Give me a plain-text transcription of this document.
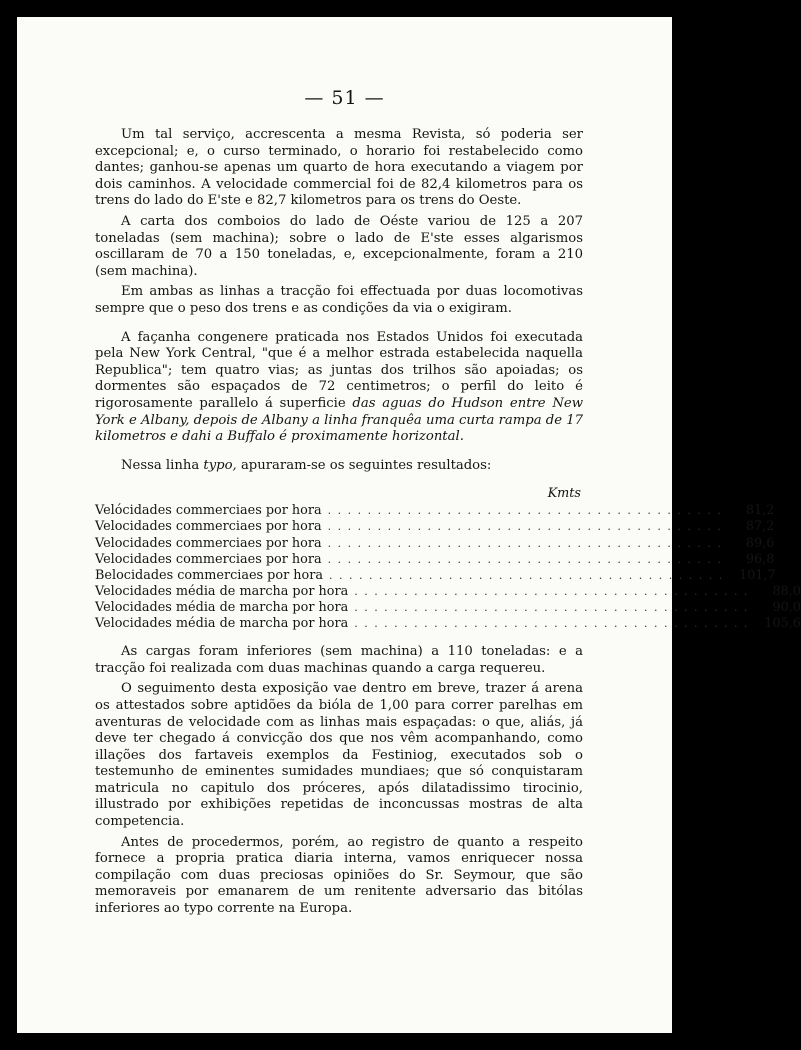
— 51 —

Um tal serviço, accrescenta a mesma Revista, só poderia ser excepcional; e, o curso terminado, o horario foi restabelecido como dantes; ganhou-se apenas um quarto de hora executando a viagem por dois caminhos. A velocidade commercial foi de 82,4 kilometros para os trens do lado do E'ste e 82,7 kilometros para os trens do Oeste.

A carta dos comboios do lado de Oéste variou de 125 a 207 toneladas (sem machina); sobre o lado de E'ste esses algarismos oscillaram de 70 a 150 toneladas, e, excepcionalmente, foram a 210 (sem machina).

Em ambas as linhas a tracção foi effectuada por duas locomotivas sempre que o peso dos trens e as condições da via o exigiram.

A façanha congenere praticada nos Estados Unidos foi executada pela New York Central, "que é a melhor estrada estabelecida naquella Republica"; tem quatro vias; as juntas dos trilhos são apoiadas; os dormentes são espaçados de 72 centimetros; o perfil do leito é rigorosamente parallelo á superficie das aguas do Hudson entre New York e Albany, depois de Albany a linha franquêa uma curta rampa de 17 kilometros e dahi a Buffalo é proximamente horizontal.

Nessa linha typo, apuraram-se os seguintes resultados:

Kmts
Velócidades commerciaes por hora . . . . . . . . . . . . . . . . . . . . . . . . . . . . . . . . . . . . . . . .	81,2
Velocidades commerciaes por hora . . . . . . . . . . . . . . . . . . . . . . . . . . . . . . . . . . . . . . . .	87,2
Velocidades commerciaes por hora . . . . . . . . . . . . . . . . . . . . . . . . . . . . . . . . . . . . . . . .	89,6
Velocidades commerciaes por hora . . . . . . . . . . . . . . . . . . . . . . . . . . . . . . . . . . . . . . . .	96,8
Belocidades commerciaes por hora . . . . . . . . . . . . . . . . . . . . . . . . . . . . . . . . . . . . . . . .	101,7
Velocidades média de marcha por hora . . . . . . . . . . . . . . . . . . . . . . . . . . . . . . . . . . . . . . . .	88,0
Velocidades média de marcha por hora . . . . . . . . . . . . . . . . . . . . . . . . . . . . . . . . . . . . . . . .	90,0
Velocidades média de marcha por hora . . . . . . . . . . . . . . . . . . . . . . . . . . . . . . . . . . . . . . . .	105,6

As cargas foram inferiores (sem machina) a 110 toneladas: e a tracção foi realizada com duas machinas quando a carga requereu.

O seguimento desta exposição vae dentro em breve, trazer á arena os attestados sobre aptidões da bióla de 1,00 para correr parelhas em aventuras de velocidade com as linhas mais espaçadas: o que, aliás, já deve ter chegado á convicção dos que nos vêm acompanhando, como illações dos fartaveis exemplos da Festiniog, executados sob o testemunho de eminentes sumidades mundiaes; que só conquistaram matricula no capitulo dos próceres, após dilatadissimo tirocinio, illustrado por exhibições repetidas de inconcussas mostras de alta competencia.

Antes de procedermos, porém, ao registro de quanto a respeito fornece a propria pratica diaria interna, vamos enriquecer nossa compilação com duas preciosas opiniões do Sr. Seymour, que são memoraveis por emanarem de um renitente adversario das bitólas inferiores ao typo corrente na Europa.
